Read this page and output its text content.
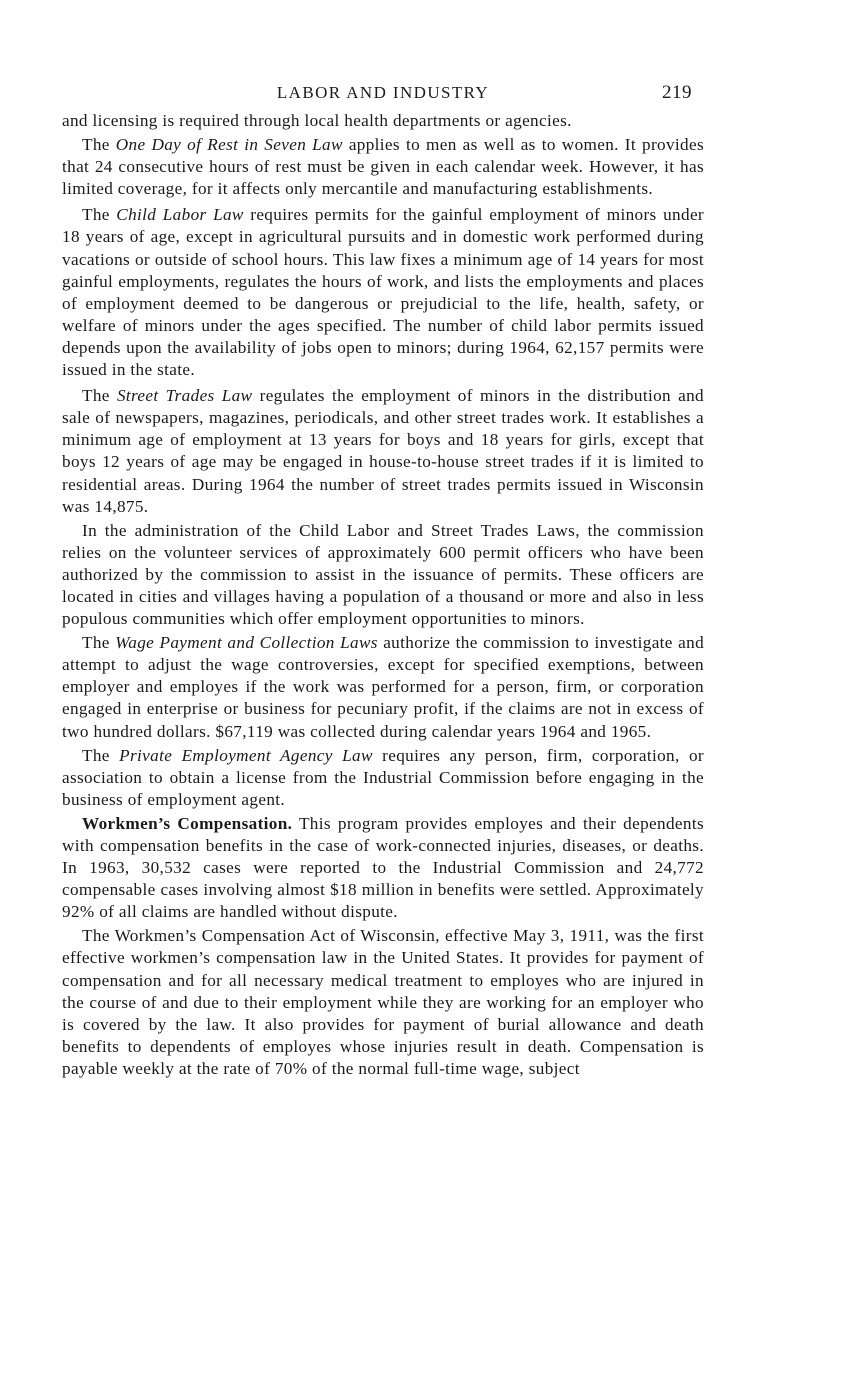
LABOR AND INDUSTRY	219

and licensing is required through local health departments or agencies.

The One Day of Rest in Seven Law applies to men as well as to women. It provides that 24 consecutive hours of rest must be given in each calendar week. However, it has limited coverage, for it affects only mercantile and manufacturing establishments.

The Child Labor Law requires permits for the gainful employment of minors under 18 years of age, except in agricultural pursuits and in domestic work performed during vacations or outside of school hours. This law fixes a minimum age of 14 years for most gainful employments, regulates the hours of work, and lists the employments and places of employment deemed to be dangerous or prejudicial to the life, health, safety, or welfare of minors under the ages specified. The number of child labor permits issued depends upon the availability of jobs open to minors; during 1964, 62,157 permits were issued in the state.

The Street Trades Law regulates the employment of minors in the distribution and sale of newspapers, magazines, periodicals, and other street trades work. It establishes a minimum age of employment at 13 years for boys and 18 years for girls, except that boys 12 years of age may be engaged in house-to-house street trades if it is limited to residential areas. During 1964 the number of street trades permits issued in Wisconsin was 14,875.

In the administration of the Child Labor and Street Trades Laws, the commission relies on the volunteer services of approximately 600 permit officers who have been authorized by the commission to assist in the issuance of permits. These officers are located in cities and villages having a population of a thousand or more and also in less populous communities which offer employment opportunities to minors.

The Wage Payment and Collection Laws authorize the commission to investigate and attempt to adjust the wage controversies, except for specified exemptions, between employer and employes if the work was performed for a person, firm, or corporation engaged in enterprise or business for pecuniary profit, if the claims are not in excess of two hundred dollars. $67,119 was collected during calendar years 1964 and 1965.

The Private Employment Agency Law requires any person, firm, corporation, or association to obtain a license from the Industrial Commission before engaging in the business of employment agent.

Workmen’s Compensation. This program provides employes and their dependents with compensation benefits in the case of work-connected injuries, diseases, or deaths. In 1963, 30,532 cases were reported to the Industrial Commission and 24,772 compensable cases involving almost $18 million in benefits were settled. Approximately 92% of all claims are handled without dispute.

The Workmen’s Compensation Act of Wisconsin, effective May 3, 1911, was the first effective workmen’s compensation law in the United States. It provides for payment of compensation and for all necessary medical treatment to employes who are injured in the course of and due to their employment while they are working for an employer who is covered by the law. It also provides for payment of burial allowance and death benefits to dependents of employes whose injuries result in death. Compensation is payable weekly at the rate of 70% of the normal full-time wage, subject
